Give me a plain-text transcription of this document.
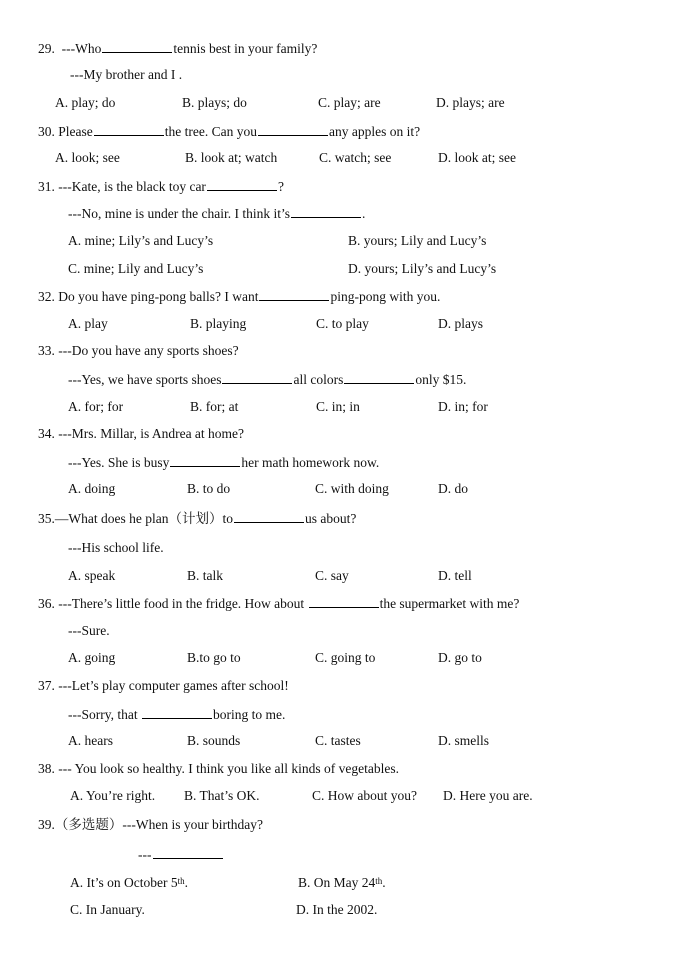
29. ---Who	tennis best in your family?
---My brother and I .
A. play; do	B. plays; do	C. play; are	D. plays; are
30. Please	the tree. Can you	any apples on it?
A. look; see	B. look at; watch	C. watch; see	D. look at; see
31. ---Kate, is the black toy car	?
---No, mine is under the chair. I think it’s	.
A. mine; Lily’s and Lucy’s	B. yours; Lily and Lucy’s
C. mine; Lily and Lucy’s	D. yours; Lily’s and Lucy’s
32. Do you have ping-pong balls? I want	ping-pong with you.
A. play	B. playing	C. to play	D. plays
33. ---Do you have any sports shoes?
---Yes, we have sports shoes	all colors	only $15.
A. for; for	B. for; at	C. in; in	D. in; for
34. ---Mrs. Millar, is Andrea at home?
---Yes. She is busy	her math homework now.
A. doing	B. to do	C. with doing	D. do
35.—What does he plan（计划）to	us about?
---His school life.
A. speak	B. talk	C. say	D. tell
36. ---There’s little food in the fridge. How about	the supermarket with me?
---Sure.
A. going	B.to go to	C. going to	D. go to
37. ---Let’s play computer games after school!
---Sorry, that	boring to me.
A. hears	B. sounds	C. tastes	D. smells
38. --- You look so healthy. I think you like all kinds of vegetables.
A. You’re right. B. That’s OK.	C. How about you? D. Here you are.
39.（多选题）---When is your birthday?
---
A. It’s on October 5th.	B. On May 24th.
C. In January.	D. In the 2002.
